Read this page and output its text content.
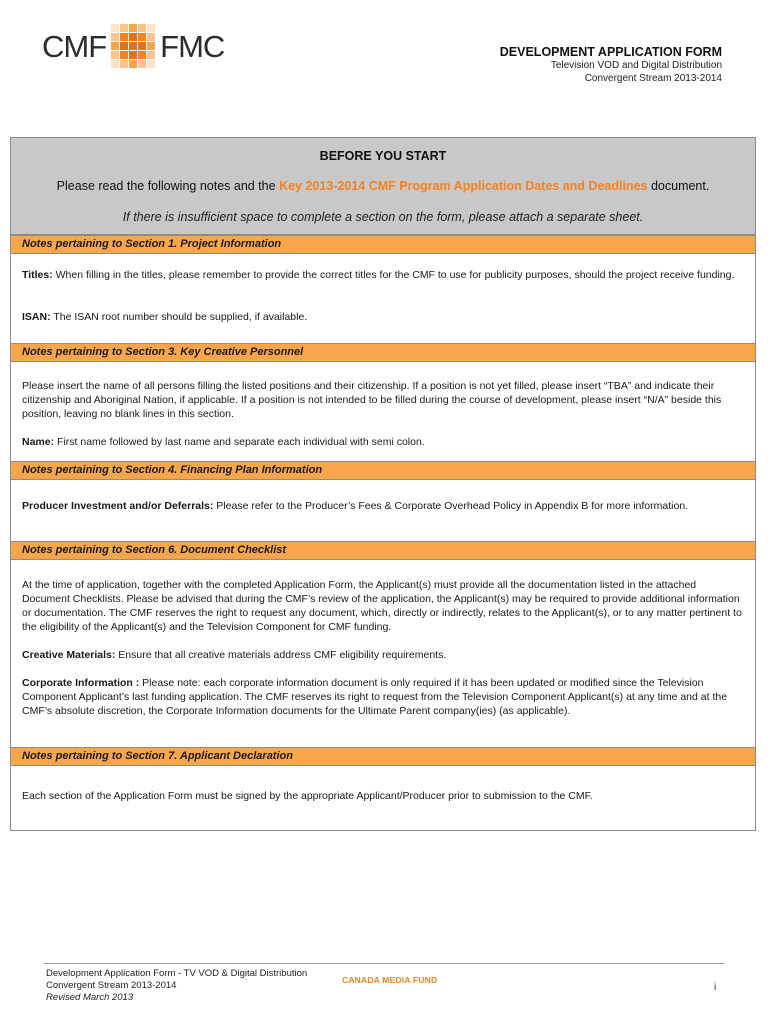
CMF FMC	DEVELOPMENT APPLICATION FORM
Television VOD and Digital Distribution
Convergent Stream 2013-2014
BEFORE YOU START
Please read the following notes and the Key 2013-2014 CMF Program Application Dates and Deadlines document.
If there is insufficient space to complete a section on the form, please attach a separate sheet.
Notes pertaining to Section 1. Project Information
Titles: When filling in the titles, please remember to provide the correct titles for the CMF to use for publicity purposes, should the project receive funding.
ISAN: The ISAN root number should be supplied, if available.
Notes pertaining to Section 3. Key Creative Personnel
Please insert the name of all persons filling the listed positions and their citizenship. If a position is not yet filled, please insert “TBA” and indicate their citizenship and Aboriginal Nation, if applicable. If a position is not intended to be filled during the course of development, please insert “N/A” beside this position, leaving no blank lines in this section.
Name: First name followed by last name and separate each individual with semi colon.
Notes pertaining to Section 4. Financing Plan Information
Producer Investment and/or Deferrals: Please refer to the Producer’s Fees & Corporate Overhead Policy in Appendix B for more information.
Notes pertaining to Section 6. Document Checklist
At the time of application, together with the completed Application Form, the Applicant(s) must provide all the documentation listed in the attached Document Checklists. Please be advised that during the CMF’s review of the application, the Applicant(s) may be required to provide additional information or documentation. The CMF reserves the right to request any document, which, directly or indirectly, relates to the Applicant(s), or to any matter pertinent to the eligibility of the Applicant(s) and the Television Component for CMF funding.
Creative Materials: Ensure that all creative materials address CMF eligibility requirements.
Corporate Information : Please note: each corporate information document is only required if it has been updated or modified since the Television Component Applicant’s last funding application. The CMF reserves its right to request from the Television Component Applicant(s) at any time and at the CMF’s absolute discretion, the Corporate Information documents for the Ultimate Parent company(ies) (as applicable).
Notes pertaining to Section 7. Applicant Declaration
Each section of the Application Form must be signed by the appropriate Applicant/Producer prior to submission to the CMF.
Development Application Form - TV VOD & Digital Distribution
Convergent Stream 2013-2014
Revised March 2013
CANADA MEDIA FUND
i
